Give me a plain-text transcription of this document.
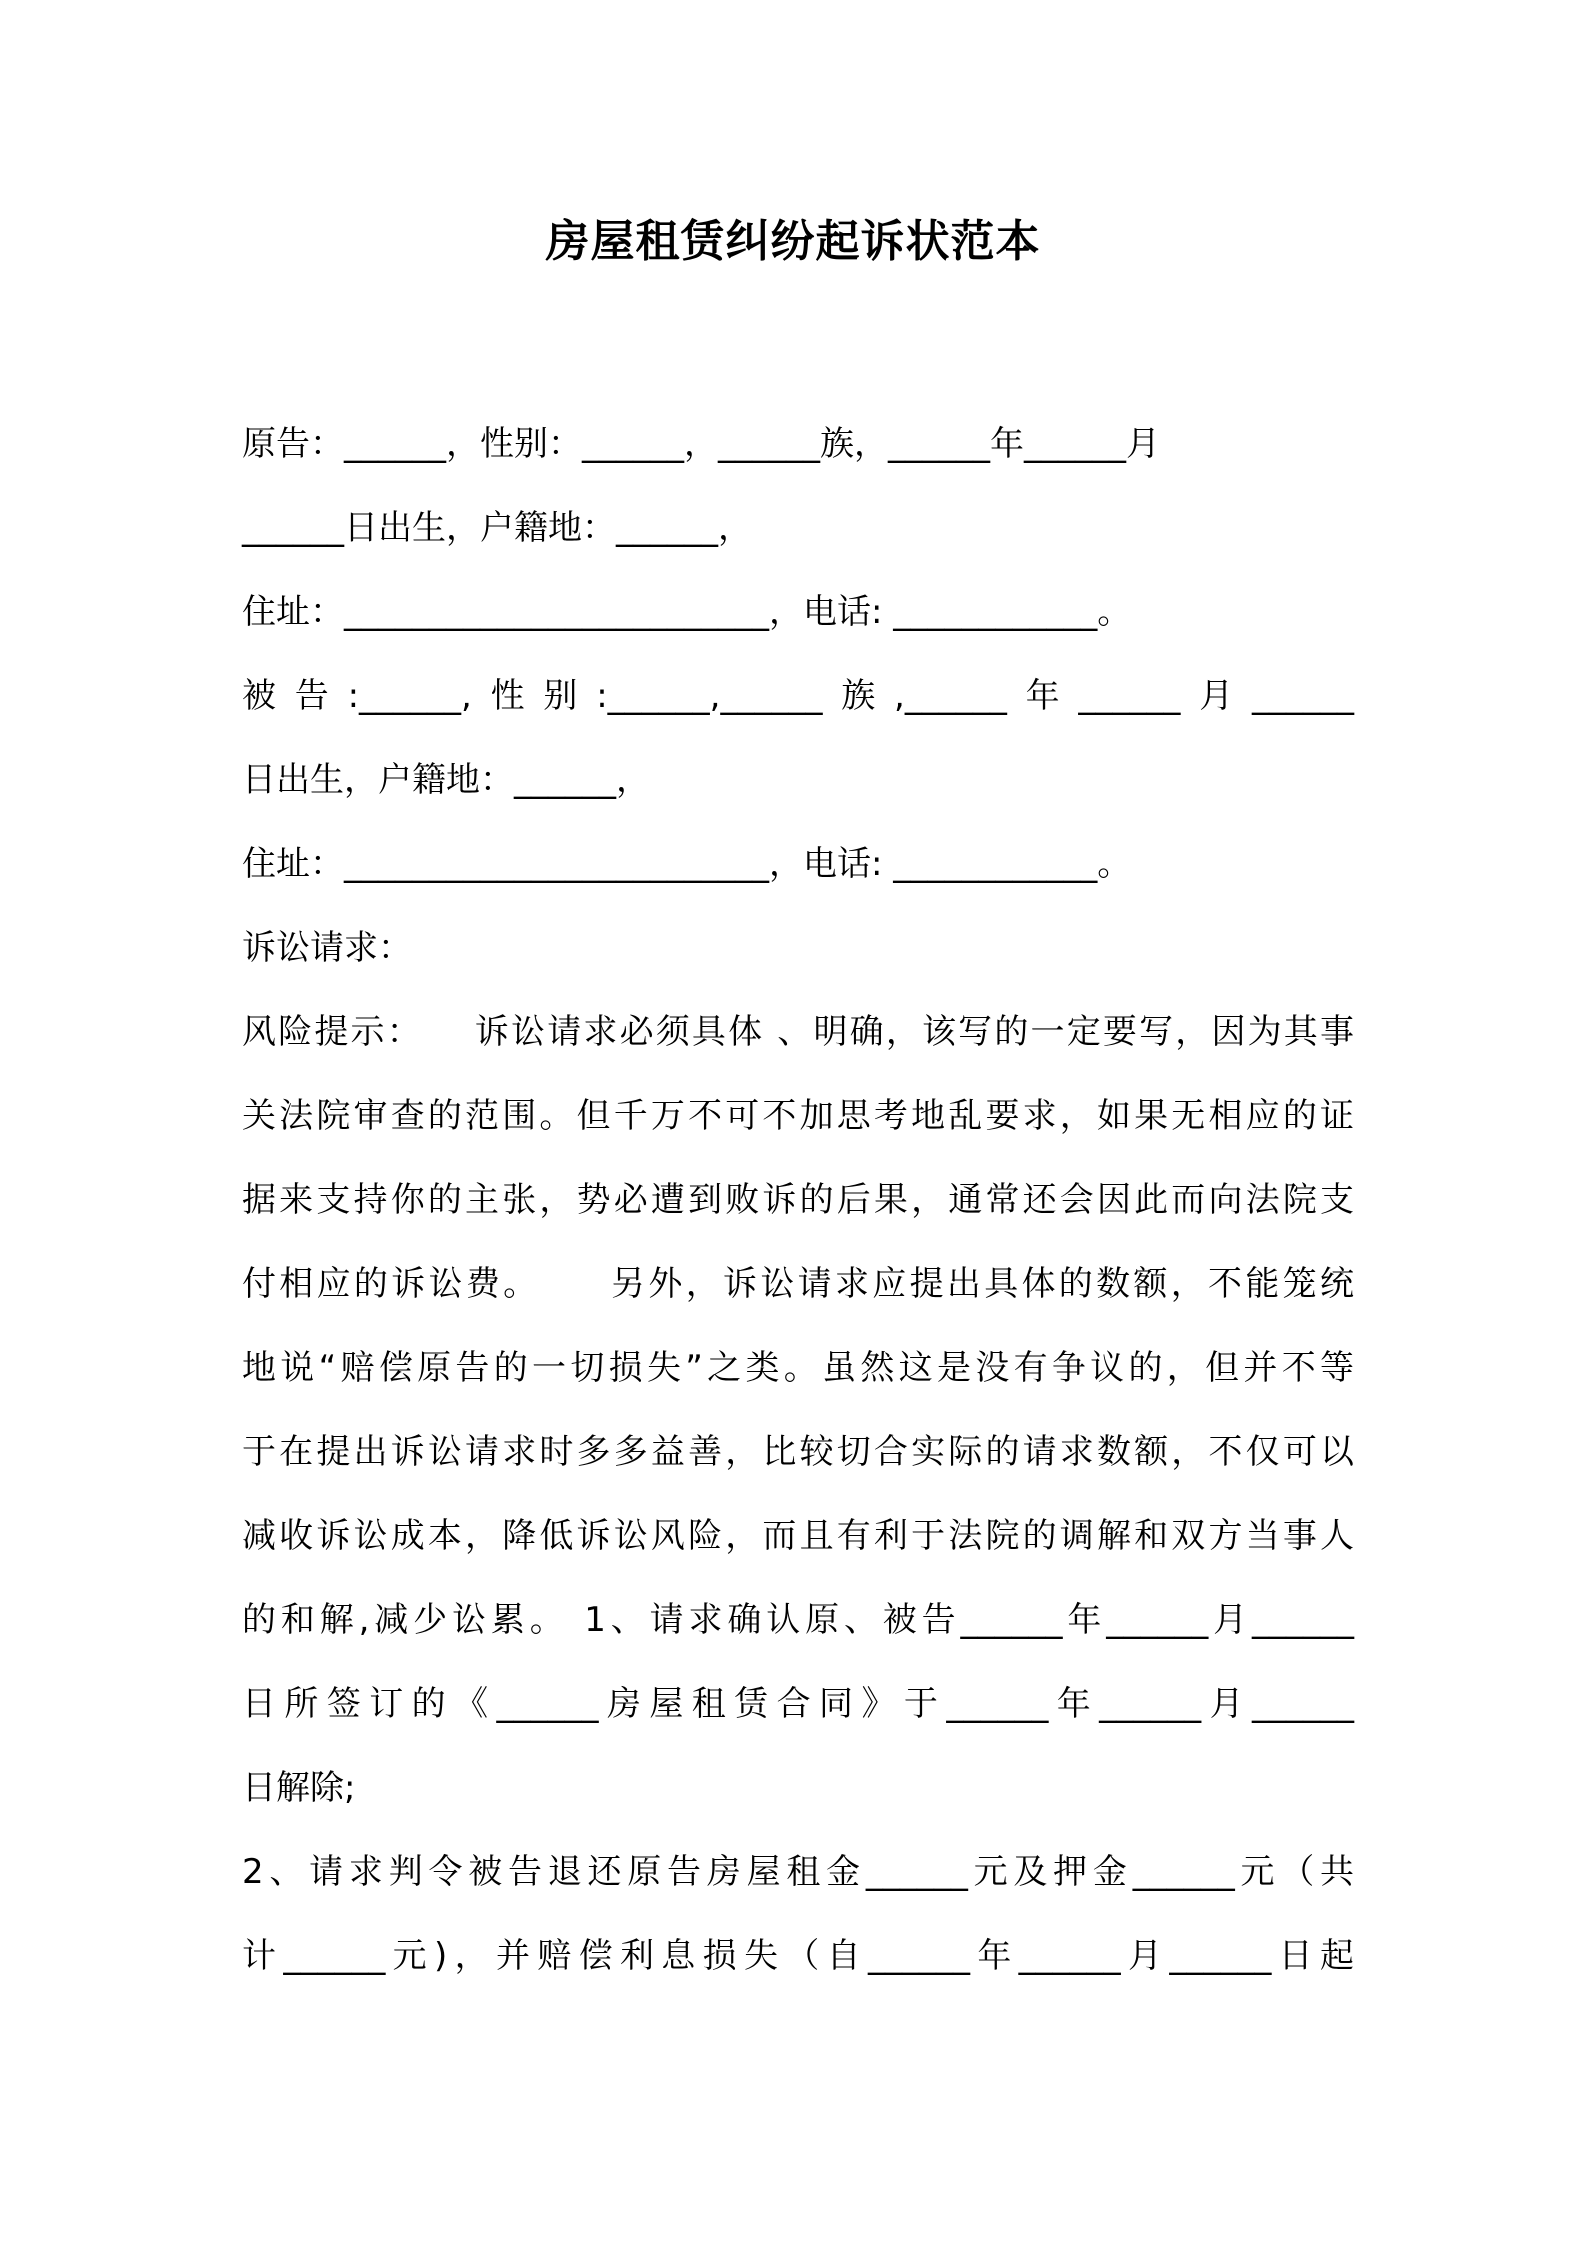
房屋租赁纠纷起诉状范本
原告：______，性别：______，______族，______年______月
______日出生，户籍地：______，
住址：_________________________，电话: ____________。
被告:______,性别:______,______族,______年______月______
日出生，户籍地：______，
住址：_________________________，电话: ____________。
诉讼请求：
风险提示：    诉讼请求必须具体 、明确，该写的一定要写，因为其事
关法院审查的范围。但千万不可不加思考地乱要求，如果无相应的证
据来支持你的主张，势必遭到败诉的后果，通常还会因此而向法院支
付相应的诉讼费。     另外，诉讼请求应提出具体的数额，不能笼统
地说“赔偿原告的一切损失”之类。虽然这是没有争议的，但并不等
于在提出诉讼请求时多多益善，比较切合实际的请求数额，不仅可以
减收诉讼成本，降低诉讼风险，而且有利于法院的调解和双方当事人
的和解,减少讼累。 1、请求确认原、被告______年______月______
日所签订的《______房屋租赁合同》于______年______月______
日解除;
2、请求判令被告退还原告房屋租金______元及押金______元（共
计______元)，并赔偿利息损失（自______年______月______日起
